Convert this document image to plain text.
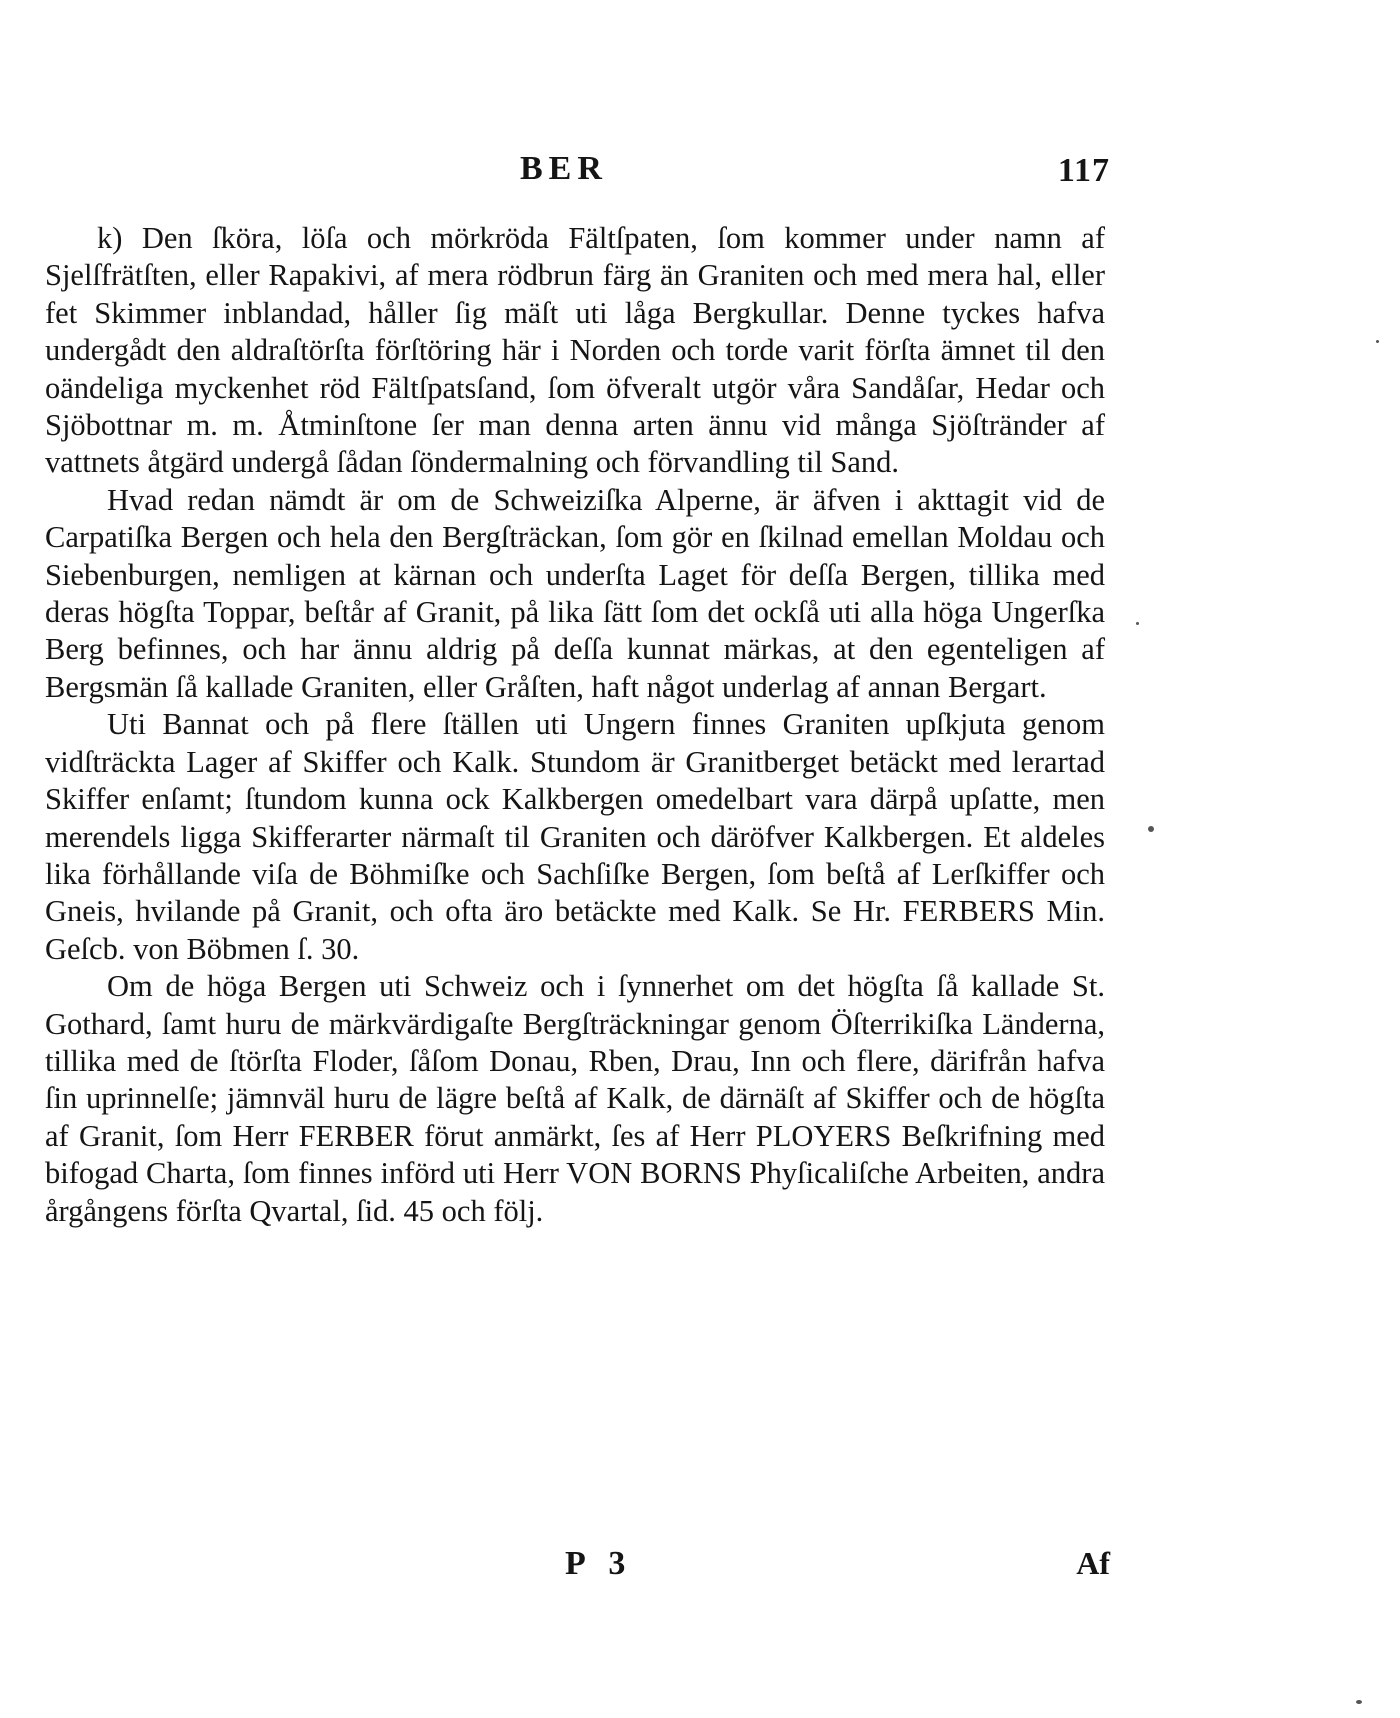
BER	117

k) Den ſköra, löſa och mörkröda Fältſpaten, ſom kommer under namn af Sjelſfrätſten, eller Rapakivi, af mera rödbrun färg än Graniten och med mera hal, eller fet Skimmer inblandad, håller ſig mäſt uti låga Bergkullar. Denne tyckes hafva undergådt den aldraſtörſta förſtöring här i Norden och torde varit förſta ämnet til den oändeliga myckenhet röd Fältſpatsſand, ſom öfveralt utgör våra Sandåſar, Hedar och Sjöbottnar m. m. Åtminſtone ſer man denna arten ännu vid många Sjöſtränder af vattnets åtgärd undergå ſådan ſöndermalning och förvandling til Sand.

Hvad redan nämdt är om de Schweiziſka Alperne, är äfven i akttagit vid de Carpatiſka Bergen och hela den Bergſträckan, ſom gör en ſkilnad emellan Moldau och Siebenburgen, nemligen at kärnan och underſta Laget för deſſa Bergen, tillika med deras högſta Toppar, beſtår af Granit, på lika ſätt ſom det ockſå uti alla höga Ungerſka Berg befinnes, och har ännu aldrig på deſſa kunnat märkas, at den egenteligen af Bergsmän ſå kallade Graniten, eller Gråſten, haft något underlag af annan Bergart.

Uti Bannat och på flere ſtällen uti Ungern finnes Graniten upſkjuta genom vidſträckta Lager af Skiffer och Kalk. Stundom är Granitberget betäckt med lerartad Skiffer enſamt; ſtundom kunna ock Kalkbergen omedelbart vara därpå upſatte, men merendels ligga Skifferarter närmaſt til Graniten och däröfver Kalkbergen. Et aldeles lika förhållande viſa de Böhmiſke och Sachſiſke Bergen, ſom beſtå af Lerſkiffer och Gneis, hvilande på Granit, och ofta äro betäckte med Kalk. Se Hr. FERBERS Min. Geſcb. von Böbmen ſ. 30.

Om de höga Bergen uti Schweiz och i ſynnerhet om det högſta ſå kallade St. Gothard, ſamt huru de märkvärdigaſte Bergſträckningar genom Öſterrikiſka Länderna, tillika med de ſtörſta Floder, ſåſom Donau, Rben, Drau, Inn och flere, därifrån hafva ſin uprinnelſe; jämnväl huru de lägre beſtå af Kalk, de därnäſt af Skiffer och de högſta af Granit, ſom Herr FERBER förut anmärkt, ſes af Herr PLOYERS Beſkrifning med bifogad Charta, ſom finnes införd uti Herr VON BORNS Phyſicaliſche Arbeiten, andra årgångens förſta Qvartal, ſid. 45 och följ.

P 3	Af
